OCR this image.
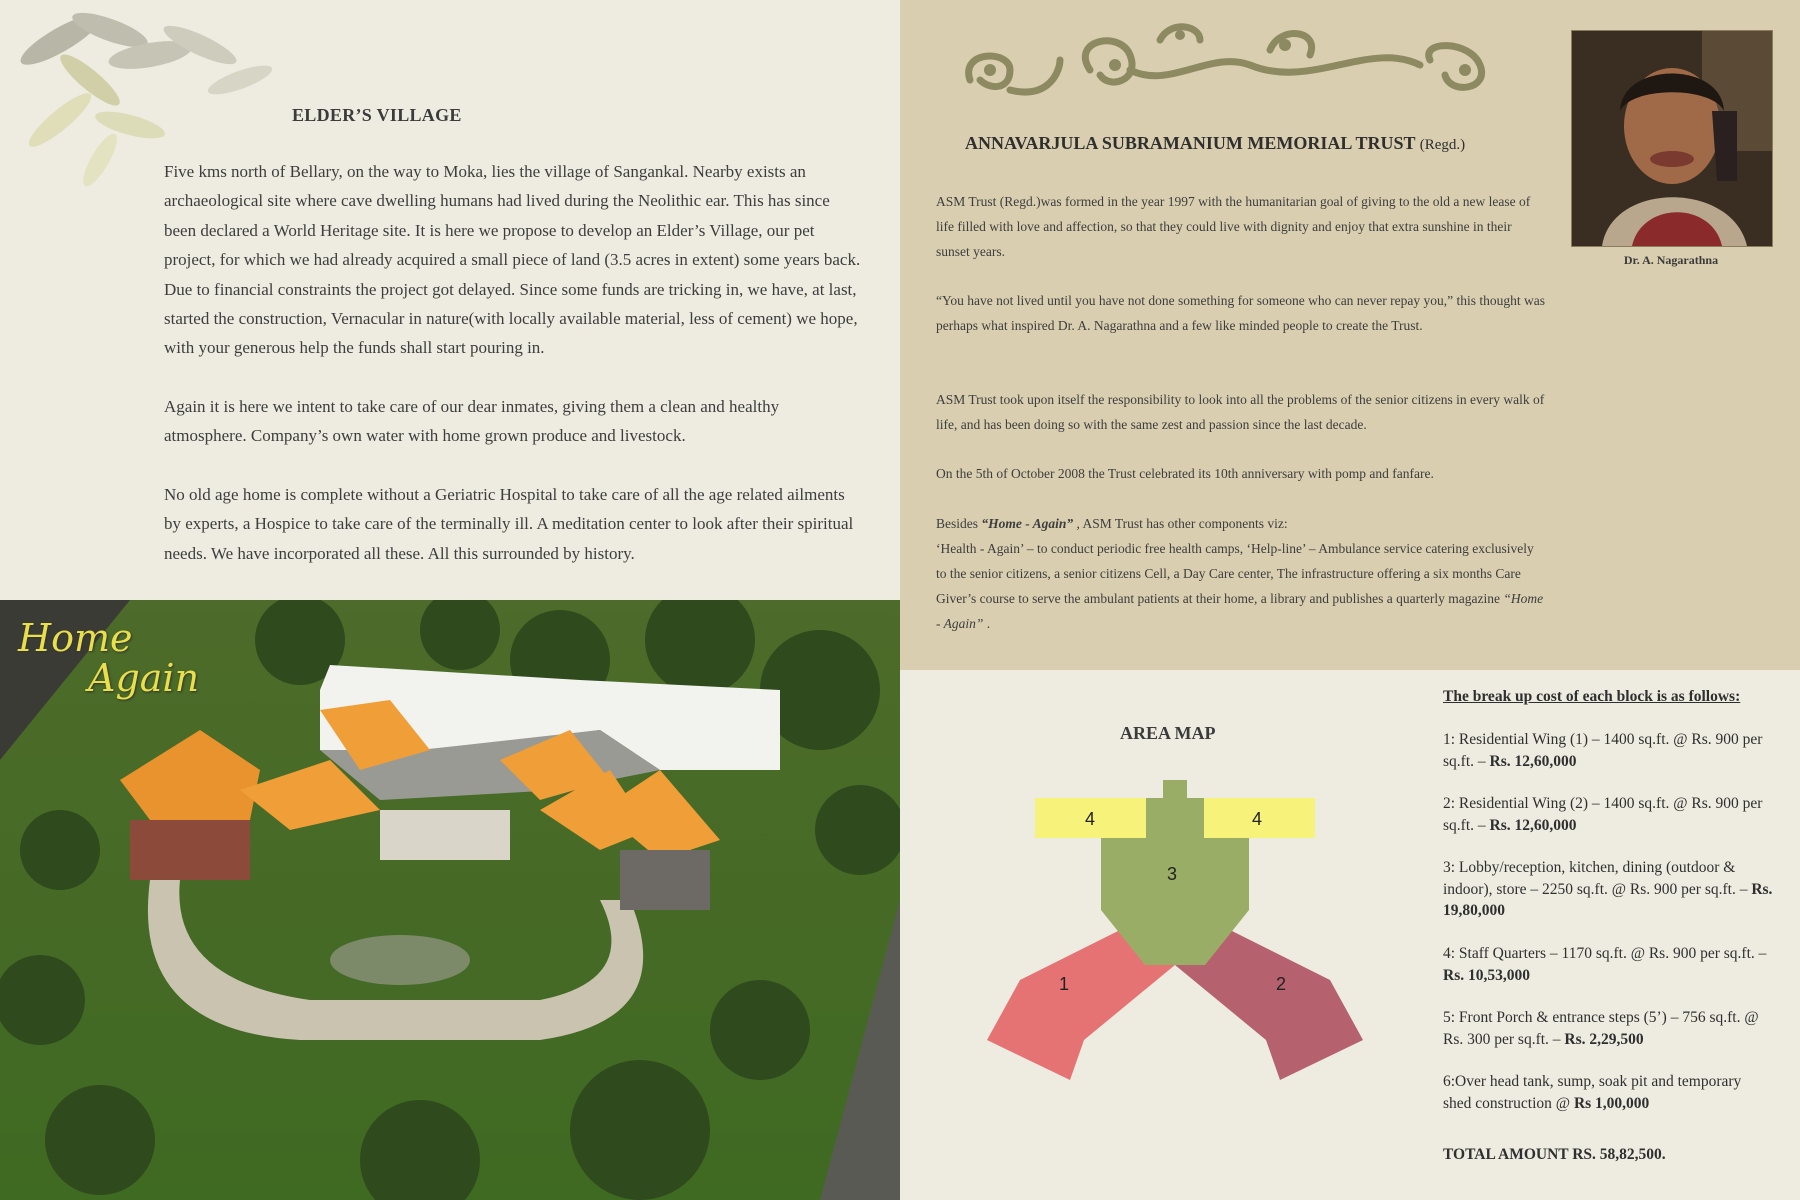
ELDER’S VILLAGE

Five kms north of Bellary, on the way to Moka, lies the village of Sangankal. Nearby exists an archaeological site where cave dwelling humans had lived during the Neolithic ear. This has since been declared a World Heritage site. It is here we propose to develop an Elder’s Village, our pet project, for which we had already acquired a small piece of land (3.5 acres in extent) some years back. Due to financial constraints the project got delayed. Since some funds are tricking in, we have, at last, started the construction, Vernacular in nature(with locally available material, less of cement) we hope, with your generous help the funds shall start pouring in.

Again it is here we intent to take care of our dear inmates, giving them a clean and healthy atmosphere. Company’s own water with home grown produce and livestock.

No old age home is complete without a Geriatric Hospital to take care of all the age related ailments by experts, a Hospice to take care of the terminally ill. A meditation center to look after their spiritual needs. We have incorporated all these. All this surrounded by history.

Home
Again
ANNAVARJULA SUBRAMANIUM MEMORIAL TRUST (Regd.)
Dr. A. Nagarathna

ASM Trust (Regd.)was formed in the year 1997 with the humanitarian goal of giving to the old a new lease of life filled with love and affection, so that they could live with dignity and enjoy that extra sunshine in their sunset years.

“You have not lived until you have not done something for someone who can never repay you,” this thought was perhaps what inspired Dr. A. Nagarathna and a few like minded people to create the Trust.

ASM Trust took upon itself the responsibility to look into all the problems of the senior citizens in every walk of life, and has been doing so with the same zest and passion since the last decade.

On the 5th of October 2008 the Trust celebrated its 10th anniversary with pomp and fanfare.

Besides “Home - Again” , ASM Trust has other components viz:
‘Health - Again’ – to conduct periodic free health camps, ‘Help-line’ – Ambulance service catering exclusively to the senior citizens, a senior citizens Cell, a Day Care center, The infrastructure offering a six months Care Giver’s course to serve the ambulant patients at their home, a library and publishes a quarterly magazine “Home - Again” .

AREA MAP
1	2
3
4	4
The break up cost of each block is as follows:

1: Residential Wing (1) – 1400 sq.ft. @ Rs. 900 per sq.ft. – Rs. 12,60,000

2: Residential Wing (2) – 1400 sq.ft. @ Rs. 900 per sq.ft. – Rs. 12,60,000

3: Lobby/reception, kitchen, dining (outdoor & indoor), store – 2250 sq.ft. @ Rs. 900 per sq.ft. – Rs. 19,80,000

4: Staff Quarters – 1170 sq.ft. @ Rs. 900 per sq.ft. – Rs. 10,53,000

5: Front Porch & entrance steps (5’) – 756 sq.ft. @ Rs. 300 per sq.ft. – Rs. 2,29,500

6:Over head tank, sump, soak pit and temporary shed construction @ Rs 1,00,000

TOTAL AMOUNT RS. 58,82,500.
